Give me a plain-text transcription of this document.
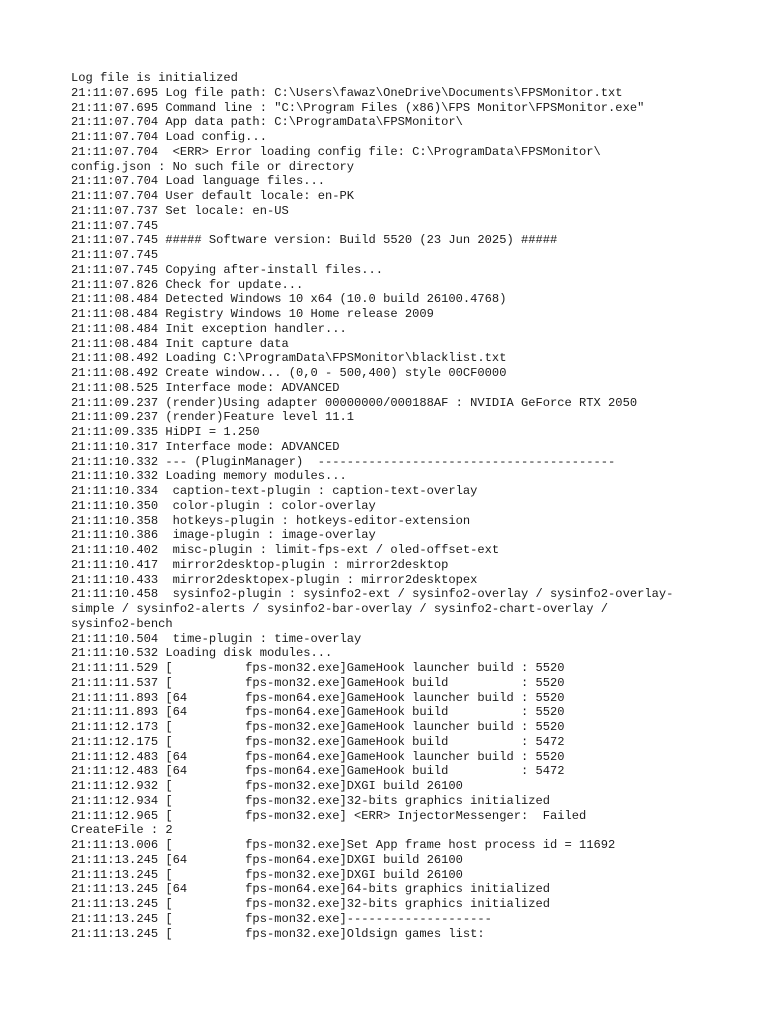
Log file is initialized
21:11:07.695 Log file path: C:\Users\fawaz\OneDrive\Documents\FPSMonitor.txt
21:11:07.695 Command line : "C:\Program Files (x86)\FPS Monitor\FPSMonitor.exe"
21:11:07.704 App data path: C:\ProgramData\FPSMonitor\
21:11:07.704 Load config...
21:11:07.704  <ERR> Error loading config file: C:\ProgramData\FPSMonitor\
config.json : No such file or directory
21:11:07.704 Load language files...
21:11:07.704 User default locale: en-PK
21:11:07.737 Set locale: en-US
21:11:07.745
21:11:07.745 ##### Software version: Build 5520 (23 Jun 2025) #####
21:11:07.745
21:11:07.745 Copying after-install files...
21:11:07.826 Check for update...
21:11:08.484 Detected Windows 10 x64 (10.0 build 26100.4768)
21:11:08.484 Registry Windows 10 Home release 2009
21:11:08.484 Init exception handler...
21:11:08.484 Init capture data
21:11:08.492 Loading C:\ProgramData\FPSMonitor\blacklist.txt
21:11:08.492 Create window... (0,0 - 500,400) style 00CF0000
21:11:08.525 Interface mode: ADVANCED
21:11:09.237 (render)Using adapter 00000000/000188AF : NVIDIA GeForce RTX 2050
21:11:09.237 (render)Feature level 11.1
21:11:09.335 HiDPI = 1.250
21:11:10.317 Interface mode: ADVANCED
21:11:10.332 --- (PluginManager)  -----------------------------------------
21:11:10.332 Loading memory modules...
21:11:10.334  caption-text-plugin : caption-text-overlay
21:11:10.350  color-plugin : color-overlay
21:11:10.358  hotkeys-plugin : hotkeys-editor-extension
21:11:10.386  image-plugin : image-overlay
21:11:10.402  misc-plugin : limit-fps-ext / oled-offset-ext
21:11:10.417  mirror2desktop-plugin : mirror2desktop
21:11:10.433  mirror2desktopex-plugin : mirror2desktopex
21:11:10.458  sysinfo2-plugin : sysinfo2-ext / sysinfo2-overlay / sysinfo2-overlay-
simple / sysinfo2-alerts / sysinfo2-bar-overlay / sysinfo2-chart-overlay /
sysinfo2-bench
21:11:10.504  time-plugin : time-overlay
21:11:10.532 Loading disk modules...
21:11:11.529 [          fps-mon32.exe]GameHook launcher build : 5520
21:11:11.537 [          fps-mon32.exe]GameHook build          : 5520
21:11:11.893 [64        fps-mon64.exe]GameHook launcher build : 5520
21:11:11.893 [64        fps-mon64.exe]GameHook build          : 5520
21:11:12.173 [          fps-mon32.exe]GameHook launcher build : 5520
21:11:12.175 [          fps-mon32.exe]GameHook build          : 5472
21:11:12.483 [64        fps-mon64.exe]GameHook launcher build : 5520
21:11:12.483 [64        fps-mon64.exe]GameHook build          : 5472
21:11:12.932 [          fps-mon32.exe]DXGI build 26100
21:11:12.934 [          fps-mon32.exe]32-bits graphics initialized
21:11:12.965 [          fps-mon32.exe] <ERR> InjectorMessenger:  Failed
CreateFile : 2
21:11:13.006 [          fps-mon32.exe]Set App frame host process id = 11692
21:11:13.245 [64        fps-mon64.exe]DXGI build 26100
21:11:13.245 [          fps-mon32.exe]DXGI build 26100
21:11:13.245 [64        fps-mon64.exe]64-bits graphics initialized
21:11:13.245 [          fps-mon32.exe]32-bits graphics initialized
21:11:13.245 [          fps-mon32.exe]--------------------
21:11:13.245 [          fps-mon32.exe]Oldsign games list:
